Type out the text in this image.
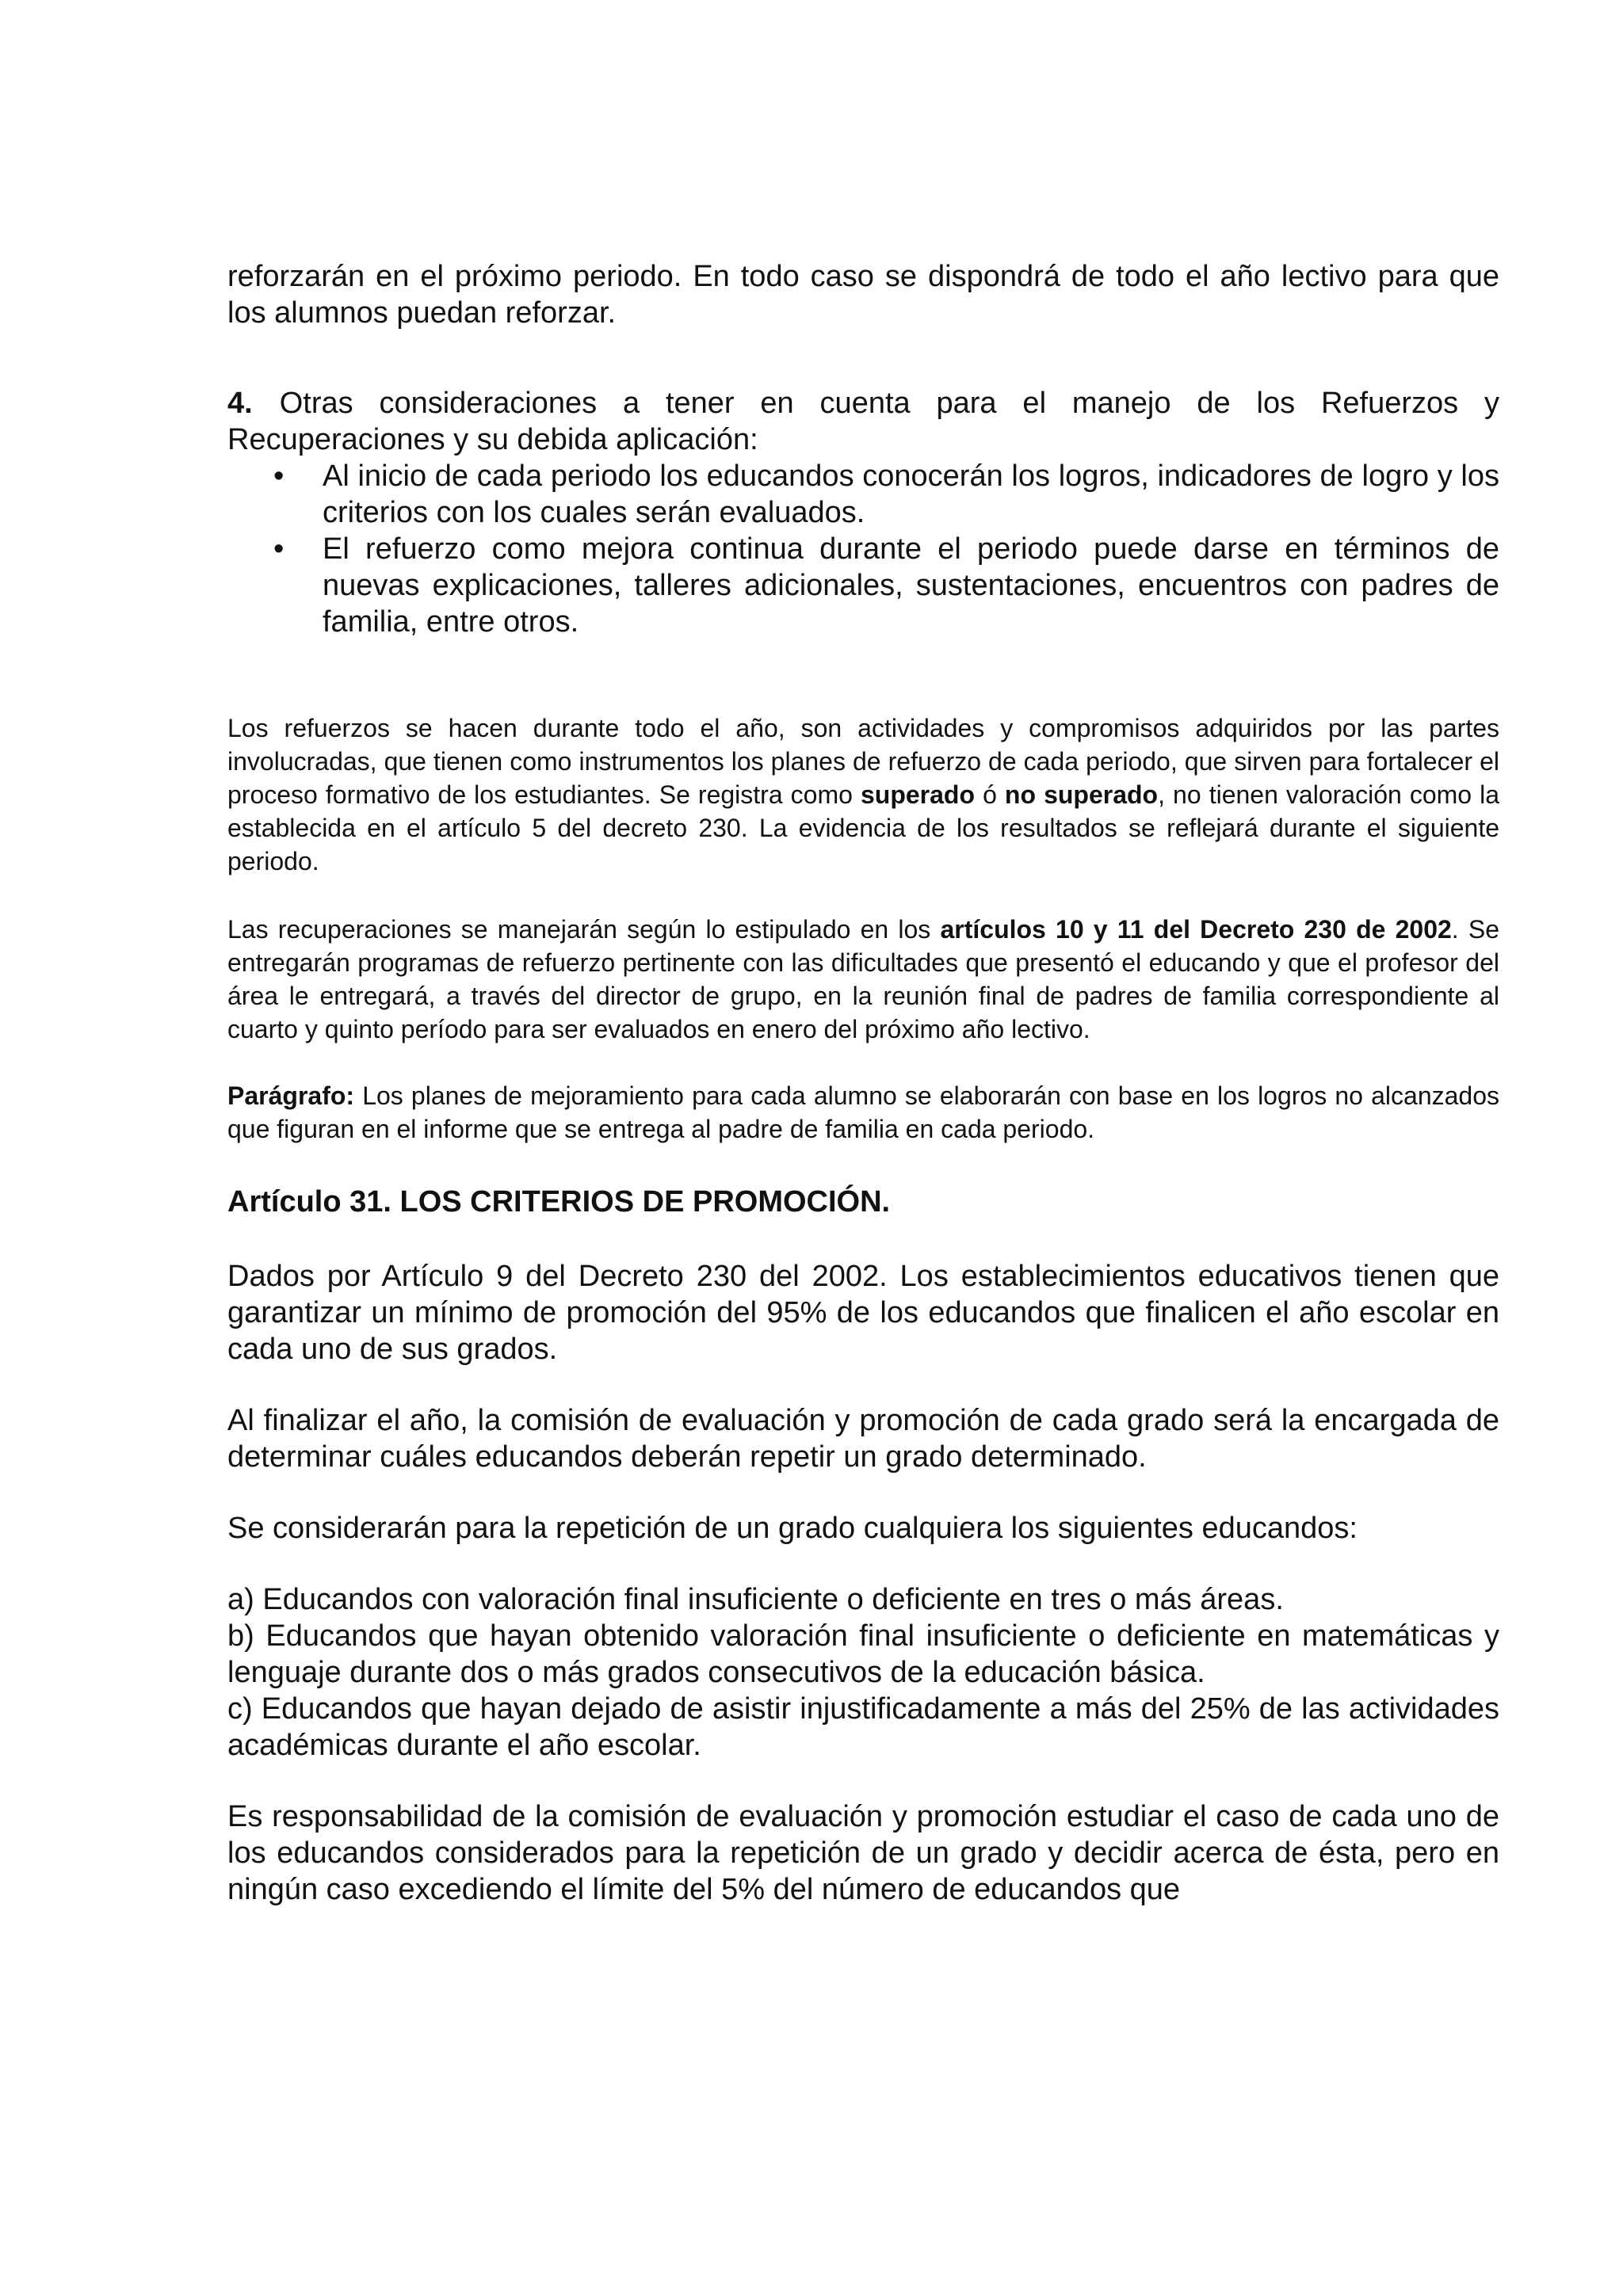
reforzarán en el próximo periodo. En todo caso se dispondrá de todo el año lectivo para que los alumnos puedan reforzar.

4. Otras consideraciones a tener en cuenta para el manejo de los Refuerzos y Recuperaciones y su debida aplicación:

• Al inicio de cada periodo los educandos conocerán los logros, indicadores de logro y los criterios con los cuales serán evaluados.
• El refuerzo como mejora continua durante el periodo puede darse en términos de nuevas explicaciones, talleres adicionales, sustentaciones, encuentros con padres de familia, entre otros.

Los refuerzos se hacen durante todo el año, son actividades y compromisos adquiridos por las partes involucradas, que tienen como instrumentos los planes de refuerzo de cada periodo, que sirven para fortalecer el proceso formativo de los estudiantes. Se registra como superado ó no superado, no tienen valoración como la establecida en el artículo 5 del decreto 230. La evidencia de los resultados se reflejará durante el siguiente periodo.

Las recuperaciones se manejarán según lo estipulado en los artículos 10 y 11 del Decreto 230 de 2002. Se entregarán programas de refuerzo pertinente con las dificultades que presentó el educando y que el profesor del área le entregará, a través del director de grupo, en la reunión final de padres de familia correspondiente al cuarto y quinto período para ser evaluados en enero del próximo año lectivo.

Parágrafo: Los planes de mejoramiento para cada alumno se elaborarán con base en los logros no alcanzados que figuran en el informe que se entrega al padre de familia en cada periodo.

Artículo 31. LOS CRITERIOS DE PROMOCIÓN.

Dados por Artículo 9 del Decreto 230 del 2002. Los establecimientos educativos tienen que garantizar un mínimo de promoción del 95% de los educandos que finalicen el año escolar en cada uno de sus grados.

Al finalizar el año, la comisión de evaluación y promoción de cada grado será la encargada de determinar cuáles educandos deberán repetir un grado determinado.

Se considerarán para la repetición de un grado cualquiera los siguientes educandos:

a) Educandos con valoración final insuficiente o deficiente en tres o más áreas.

b) Educandos que hayan obtenido valoración final insuficiente o deficiente en matemáticas y lenguaje durante dos o más grados consecutivos de la educación básica.

c) Educandos que hayan dejado de asistir injustificadamente a más del 25% de las actividades académicas durante el año escolar.

Es responsabilidad de la comisión de evaluación y promoción estudiar el caso de cada uno de los educandos considerados para la repetición de un grado y decidir acerca de ésta, pero en ningún caso excediendo el límite del 5% del número de educandos que
